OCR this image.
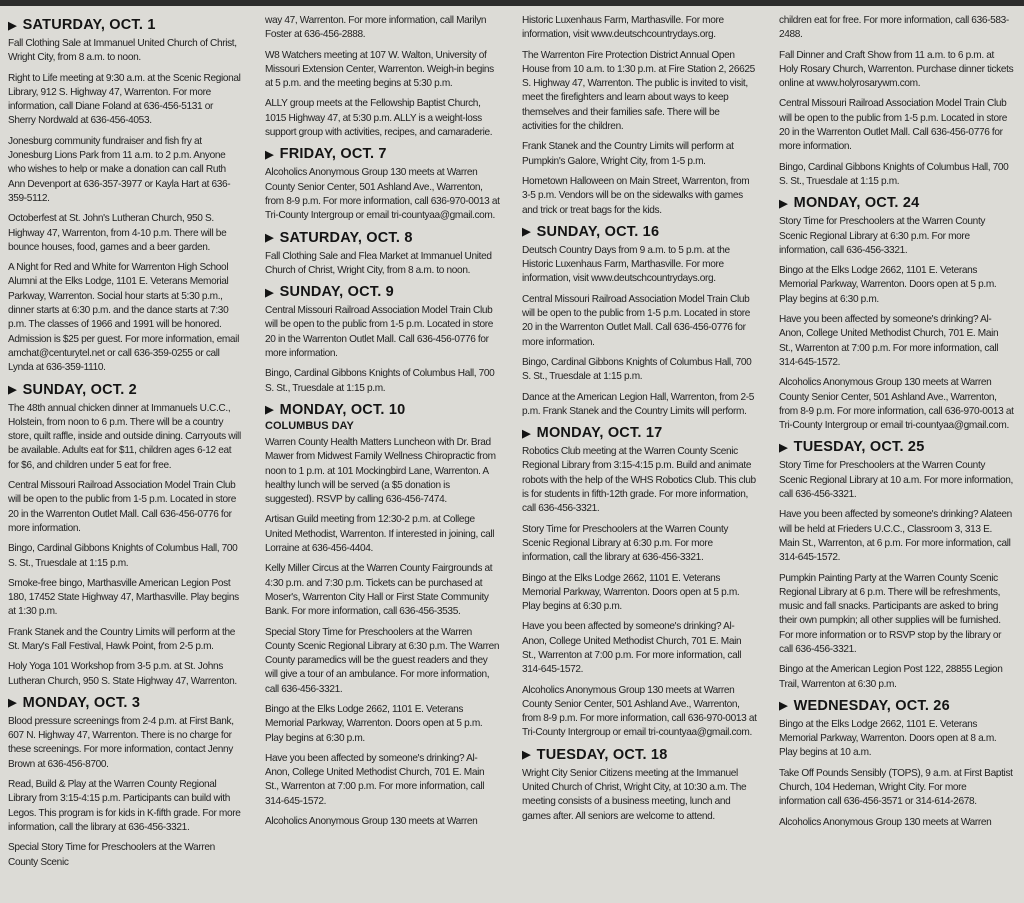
▶ SATURDAY, OCT. 1

Fall Clothing Sale at Immanuel United Church of Christ, Wright City, from 8 a.m. to noon.

Right to Life meeting at 9:30 a.m. at the Scenic Regional Library, 912 S. Highway 47, Warrenton. For more information, call Diane Foland at 636-456-5131 or Sherry Nordwald at 636-456-4053.

Jonesburg community fundraiser and fish fry at Jonesburg Lions Park from 11 a.m. to 2 p.m. Anyone who wishes to help or make a donation can call Ruth Ann Devenport at 636-357-3977 or Kayla Hart at 636-359-5112.

Octoberfest at St. John's Lutheran Church, 950 S. Highway 47, Warrenton, from 4-10 p.m. There will be bounce houses, food, games and a beer garden.

A Night for Red and White for Warrenton High School Alumni at the Elks Lodge, 1101 E. Veterans Memorial Parkway, Warrenton. Social hour starts at 5:30 p.m., dinner starts at 6:30 p.m. and the dance starts at 7:30 p.m. The classes of 1966 and 1991 will be honored. Admission is $25 per guest. For more information, email amchat@centurytel.net or call 636-359-0255 or call Lynda at 636-359-1110.

▶ SUNDAY, OCT. 2

The 48th annual chicken dinner at Immanuels U.C.C., Holstein, from noon to 6 p.m. There will be a country store, quilt raffle, inside and outside dining. Carryouts will be available. Adults eat for $11, children ages 6-12 eat for $6, and children under 5 eat for free.

Central Missouri Railroad Association Model Train Club will be open to the public from 1-5 p.m. Located in store 20 in the Warrenton Outlet Mall. Call 636-456-0776 for more information.

Bingo, Cardinal Gibbons Knights of Columbus Hall, 700 S. St., Truesdale at 1:15 p.m.

Smoke-free bingo, Marthasville American Legion Post 180, 17452 State Highway 47, Marthasville. Play begins at 1:30 p.m.

Frank Stanek and the Country Limits will perform at the St. Mary's Fall Festival, Hawk Point, from 2-5 p.m.

Holy Yoga 101 Workshop from 3-5 p.m. at St. Johns Lutheran Church, 950 S. State Highway 47, Warrenton.

▶ MONDAY, OCT. 3

Blood pressure screenings from 2-4 p.m. at First Bank, 607 N. Highway 47, Warrenton. There is no charge for these screenings. For more information, contact Jenny Brown at 636-456-8700.

Read, Build & Play at the Warren County Regional Library from 3:15-4:15 p.m. Participants can build with Legos. This program is for kids in K-fifth grade. For more information, call the library at 636-456-3321.

Special Story Time for Preschoolers at the Warren County Scenic

way 47, Warrenton. For more information, call Marilyn Foster at 636-456-2888.

W8 Watchers meeting at 107 W. Walton, University of Missouri Extension Center, Warrenton. Weigh-in begins at 5 p.m. and the meeting begins at 5:30 p.m.

ALLY group meets at the Fellowship Baptist Church, 1015 Highway 47, at 5:30 p.m. ALLY is a weight-loss support group with activities, recipes, and camaraderie.

▶ FRIDAY, OCT. 7

Alcoholics Anonymous Group 130 meets at Warren County Senior Center, 501 Ashland Ave., Warrenton, from 8-9 p.m. For more information, call 636-970-0013 at Tri-County Intergroup or email tri-countyaa@gmail.com.

▶ SATURDAY, OCT. 8

Fall Clothing Sale and Flea Market at Immanuel United Church of Christ, Wright City, from 8 a.m. to noon.

▶ SUNDAY, OCT. 9

Central Missouri Railroad Association Model Train Club will be open to the public from 1-5 p.m. Located in store 20 in the Warrenton Outlet Mall. Call 636-456-0776 for more information.

Bingo, Cardinal Gibbons Knights of Columbus Hall, 700 S. St., Truesdale at 1:15 p.m.

▶ MONDAY, OCT. 10
COLUMBUS DAY

Warren County Health Matters Luncheon with Dr. Brad Mawer from Midwest Family Wellness Chiropractic from noon to 1 p.m. at 101 Mockingbird Lane, Warrenton. A healthy lunch will be served (a $5 donation is suggested). RSVP by calling 636-456-7474.

Artisan Guild meeting from 12:30-2 p.m. at College United Methodist, Warrenton. If interested in joining, call Lorraine at 636-456-4404.

Kelly Miller Circus at the Warren County Fairgrounds at 4:30 p.m. and 7:30 p.m. Tickets can be purchased at Moser's, Warrenton City Hall or First State Community Bank. For more information, call 636-456-3535.

Special Story Time for Preschoolers at the Warren County Scenic Regional Library at 6:30 p.m. The Warren County paramedics will be the guest readers and they will give a tour of an ambulance. For more information, call 636-456-3321.

Bingo at the Elks Lodge 2662, 1101 E. Veterans Memorial Parkway, Warrenton. Doors open at 5 p.m. Play begins at 6:30 p.m.

Have you been affected by someone's drinking? Al-Anon, College United Methodist Church, 701 E. Main St., Warrenton at 7:00 p.m. For more information, call 314-645-1572.

Alcoholics Anonymous Group 130 meets at Warren

Historic Luxenhaus Farm, Marthasville. For more information, visit www.deutschcountrydays.org.

The Warrenton Fire Protection District Annual Open House from 10 a.m. to 1:30 p.m. at Fire Station 2, 26625 S. Highway 47, Warrenton. The public is invited to visit, meet the firefighters and learn about ways to keep themselves and their families safe. There will be activities for the children.

Frank Stanek and the Country Limits will perform at Pumpkin's Galore, Wright City, from 1-5 p.m.

Hometown Halloween on Main Street, Warrenton, from 3-5 p.m. Vendors will be on the sidewalks with games and trick or treat bags for the kids.

▶ SUNDAY, OCT. 16

Deutsch Country Days from 9 a.m. to 5 p.m. at the Historic Luxenhaus Farm, Marthasville. For more information, visit www.deutschcountrydays.org.

Central Missouri Railroad Association Model Train Club will be open to the public from 1-5 p.m. Located in store 20 in the Warrenton Outlet Mall. Call 636-456-0776 for more information.

Bingo, Cardinal Gibbons Knights of Columbus Hall, 700 S. St., Truesdale at 1:15 p.m.

Dance at the American Legion Hall, Warrenton, from 2-5 p.m. Frank Stanek and the Country Limits will perform.

▶ MONDAY, OCT. 17

Robotics Club meeting at the Warren County Scenic Regional Library from 3:15-4:15 p.m. Build and animate robots with the help of the WHS Robotics Club. This club is for students in fifth-12th grade. For more information, call 636-456-3321.

Story Time for Preschoolers at the Warren County Scenic Regional Library at 6:30 p.m. For more information, call the library at 636-456-3321.

Bingo at the Elks Lodge 2662, 1101 E. Veterans Memorial Parkway, Warrenton. Doors open at 5 p.m. Play begins at 6:30 p.m.

Have you been affected by someone's drinking? Al-Anon, College United Methodist Church, 701 E. Main St., Warrenton at 7:00 p.m. For more information, call 314-645-1572.

Alcoholics Anonymous Group 130 meets at Warren County Senior Center, 501 Ashland Ave., Warrenton, from 8-9 p.m. For more information, call 636-970-0013 at Tri-County Intergroup or email tri-countyaa@gmail.com.

▶ TUESDAY, OCT. 18

Wright City Senior Citizens meeting at the Immanuel United Church of Christ, Wright City, at 10:30 a.m. The meeting consists of a business meeting, lunch and games after. All seniors are welcome to attend.

children eat for free. For more information, call 636-583-2488.

Fall Dinner and Craft Show from 11 a.m. to 6 p.m. at Holy Rosary Church, Warrenton. Purchase dinner tickets online at www.holyrosarywm.com.

Central Missouri Railroad Association Model Train Club will be open to the public from 1-5 p.m. Located in store 20 in the Warrenton Outlet Mall. Call 636-456-0776 for more information.

Bingo, Cardinal Gibbons Knights of Columbus Hall, 700 S. St., Truesdale at 1:15 p.m.

▶ MONDAY, OCT. 24

Story Time for Preschoolers at the Warren County Scenic Regional Library at 6:30 p.m. For more information, call 636-456-3321.

Bingo at the Elks Lodge 2662, 1101 E. Veterans Memorial Parkway, Warrenton. Doors open at 5 p.m. Play begins at 6:30 p.m.

Have you been affected by someone's drinking? Al-Anon, College United Methodist Church, 701 E. Main St., Warrenton at 7:00 p.m. For more information, call 314-645-1572.

Alcoholics Anonymous Group 130 meets at Warren County Senior Center, 501 Ashland Ave., Warrenton, from 8-9 p.m. For more information, call 636-970-0013 at Tri-County Intergroup or email tri-countyaa@gmail.com.

▶ TUESDAY, OCT. 25

Story Time for Preschoolers at the Warren County Scenic Regional Library at 10 a.m. For more information, call 636-456-3321.

Have you been affected by someone's drinking? Alateen will be held at Frieders U.C.C., Classroom 3, 313 E. Main St., Warrenton, at 6 p.m. For more information, call 314-645-1572.

Pumpkin Painting Party at the Warren County Scenic Regional Library at 6 p.m. There will be refreshments, music and fall snacks. Participants are asked to bring their own pumpkin; all other supplies will be furnished. For more information or to RSVP stop by the library or call 636-456-3321.

Bingo at the American Legion Post 122, 28855 Legion Trail, Warrenton at 6:30 p.m.

▶ WEDNESDAY, OCT. 26

Bingo at the Elks Lodge 2662, 1101 E. Veterans Memorial Parkway, Warrenton. Doors open at 8 a.m. Play begins at 10 a.m.

Take Off Pounds Sensibly (TOPS), 9 a.m. at First Baptist Church, 104 Hedeman, Wright City. For more information call 636-456-3571 or 314-614-2678.

Alcoholics Anonymous Group 130 meets at Warren
